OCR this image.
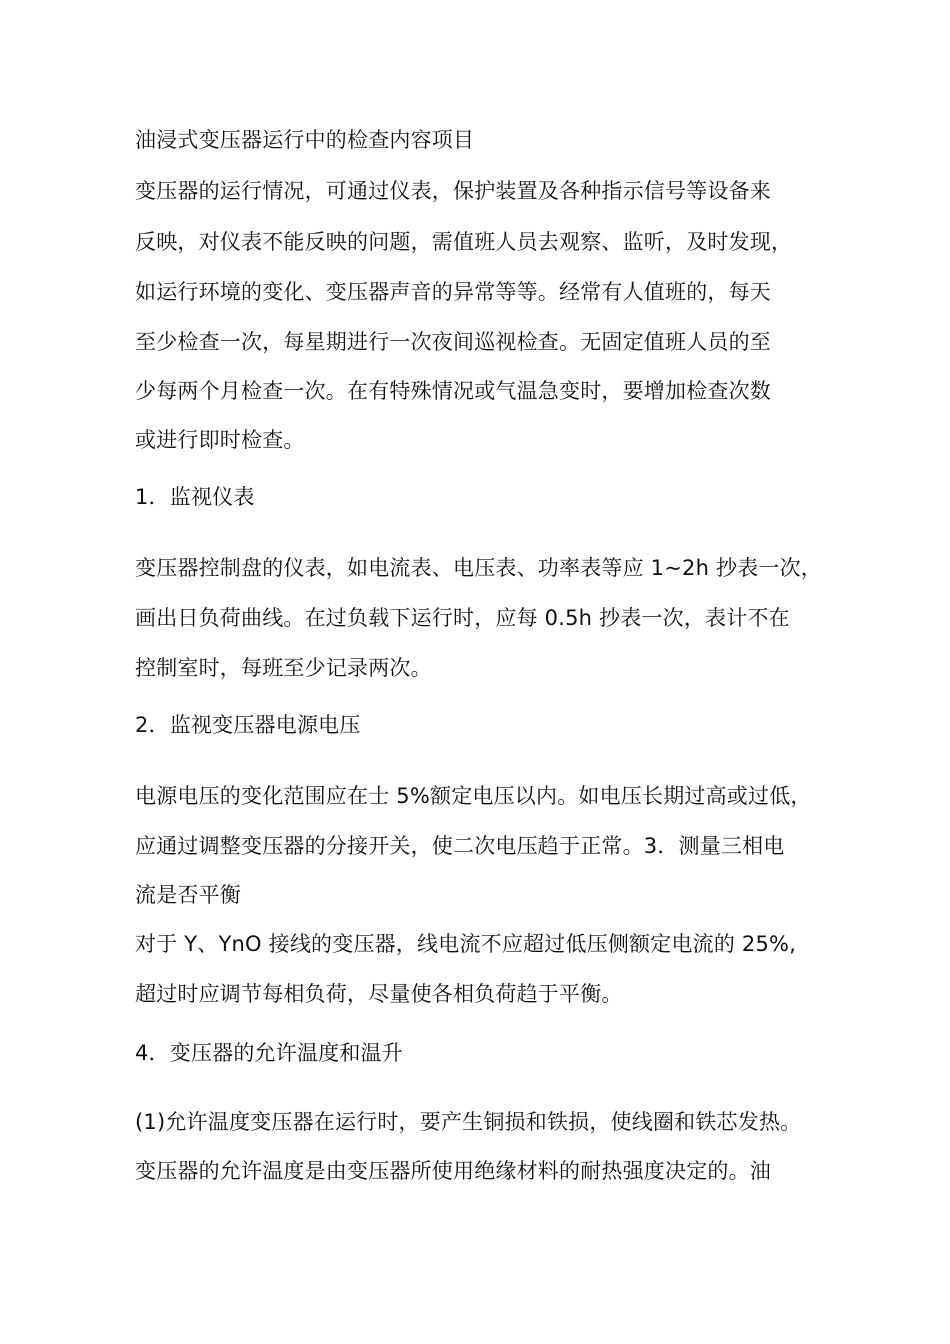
油浸式变压器运行中的检查内容项目
变压器的运行情况，可通过仪表，保护装置及各种指示信号等设备来
反映，对仪表不能反映的问题，需值班人员去观察、监听，及时发现，
如运行环境的变化、变压器声音的异常等等。经常有人值班的，每天
至少检查一次，每星期进行一次夜间巡视检查。无固定值班人员的至
少每两个月检查一次。在有特殊情况或气温急变时，要增加检查次数
或进行即时检查。
1．监视仪表
变压器控制盘的仪表，如电流表、电压表、功率表等应 1~2h 抄表一次，
画出日负荷曲线。在过负载下运行时，应每 0.5h 抄表一次，表计不在
控制室时，每班至少记录两次。
2．监视变压器电源电压
电源电压的变化范围应在士 5%额定电压以内。如电压长期过高或过低，
应通过调整变压器的分接开关，使二次电压趋于正常。3．测量三相电
流是否平衡
对于 Y、YnO 接线的变压器，线电流不应超过低压侧额定电流的 25%,
超过时应调节每相负荷，尽量使各相负荷趋于平衡。
4．变压器的允许温度和温升
(1)允许温度变压器在运行时，要产生铜损和铁损，使线圈和铁芯发热。
变压器的允许温度是由变压器所使用绝缘材料的耐热强度决定的。油
